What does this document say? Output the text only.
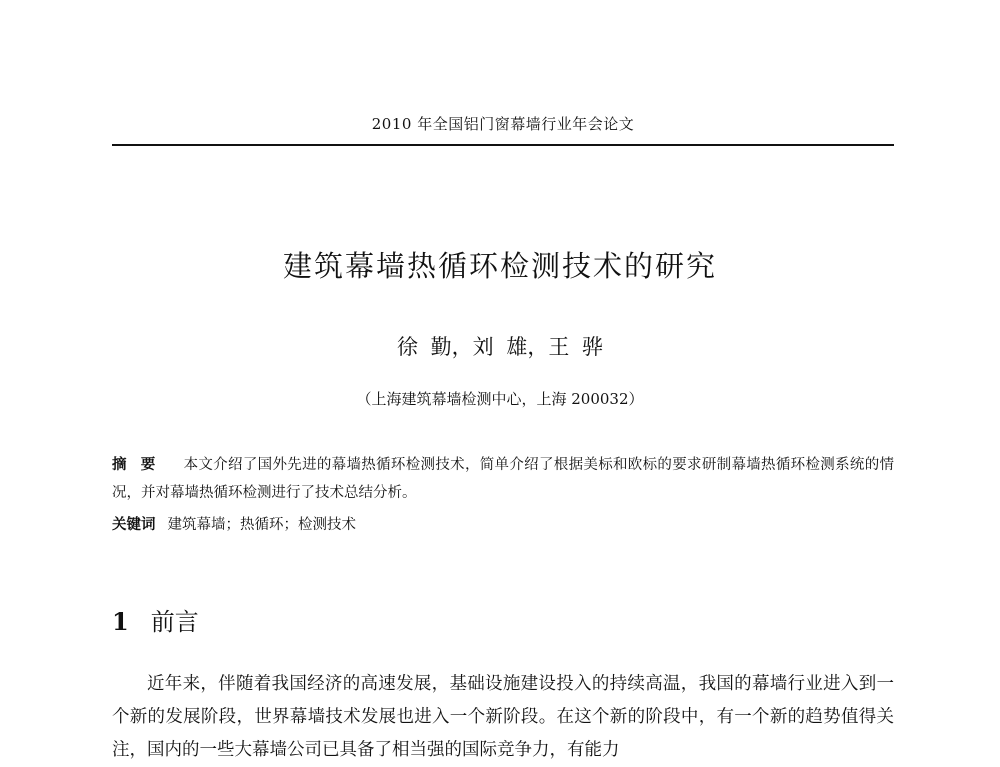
2010 年全国铝门窗幕墙行业年会论文
建筑幕墙热循环检测技术的研究
徐 勤，刘 雄，王 骅
（上海建筑幕墙检测中心，上海 200032）
摘要 本文介绍了国外先进的幕墙热循环检测技术，简单介绍了根据美标和欧标的要求研制幕墙热循环检测系统的情况，并对幕墙热循环检测进行了技术总结分析。
关键词 建筑幕墙；热循环；检测技术
1 前言
近年来，伴随着我国经济的高速发展，基础设施建设投入的持续高温，我国的幕墙行业进入到一个新的发展阶段，世界幕墙技术发展也进入一个新阶段。在这个新的阶段中，有一个新的趋势值得关注，国内的一些大幕墙公司已具备了相当强的国际竞争力，有能力
